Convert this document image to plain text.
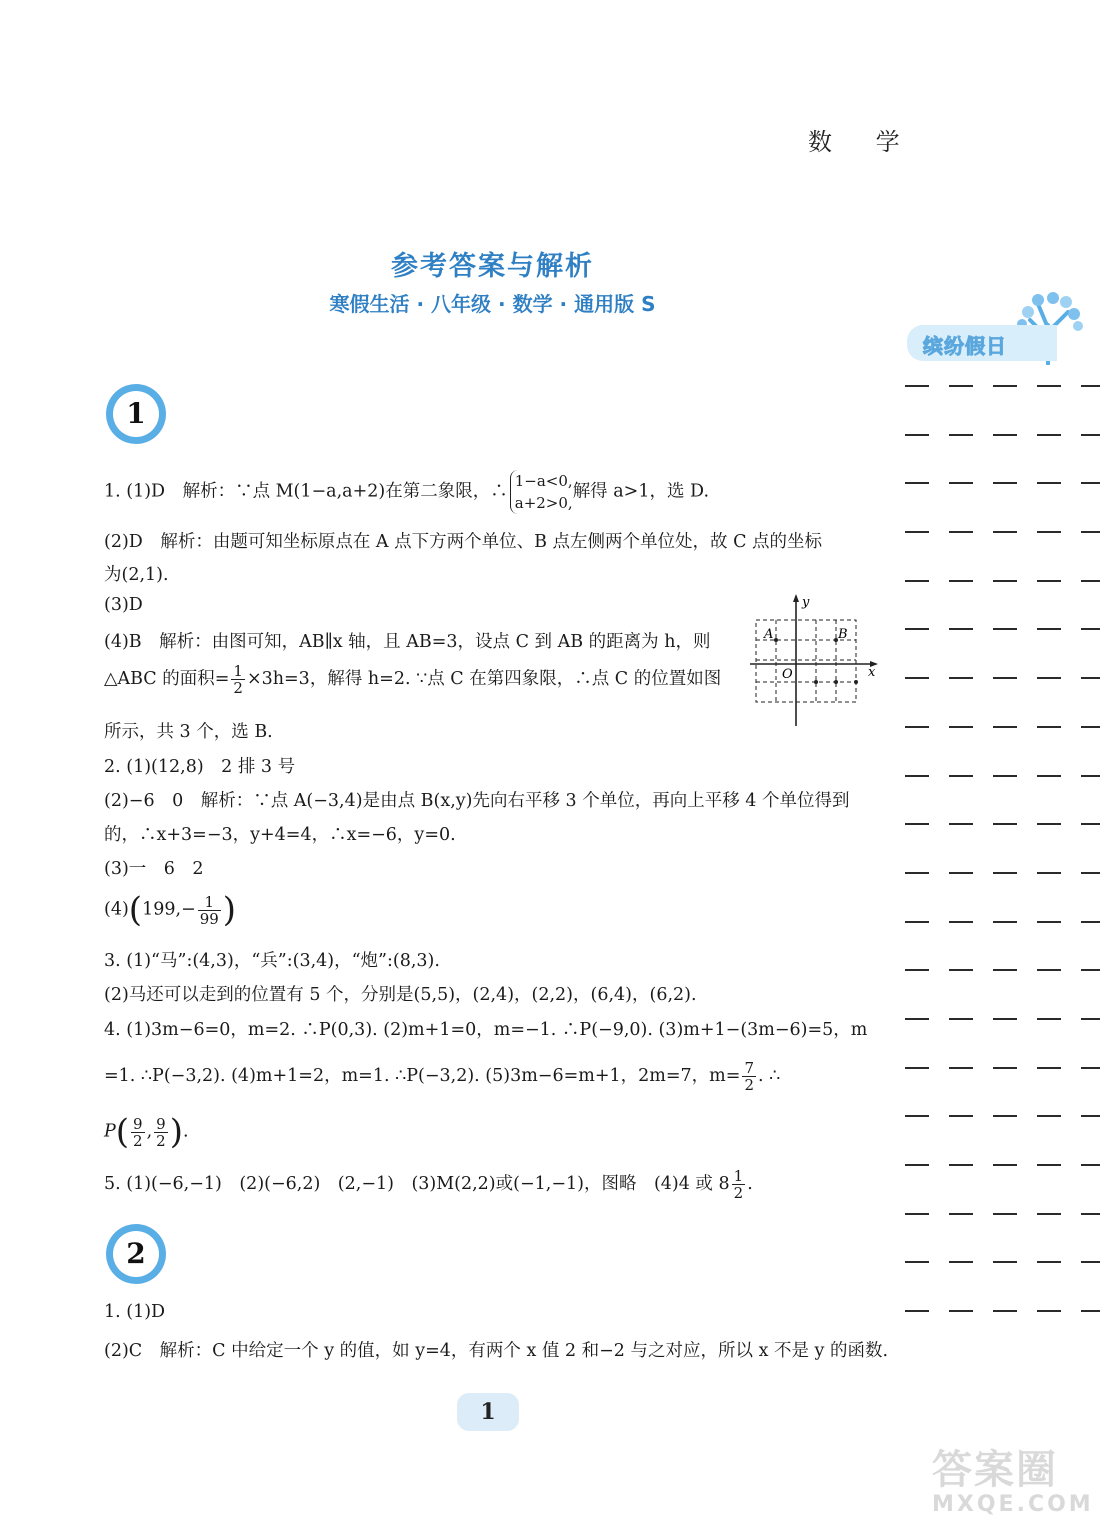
数 学
参考答案与解析
寒假生活 · 八年级 · 数学 · 通用版 S
缤纷假日
1
2
1. (1)D　解析：∵点 M(1−a,a+2)在第二象限，∴
1−a<0,
a+2>0,
解得 a>1，选 D.
(2)D　解析：由题可知坐标原点在 A 点下方两个单位、B 点左侧两个单位处，故 C 点的坐标
为(2,1).
(3)D
(4)B　解析：由图可知，AB∥x 轴，且 AB=3，设点 C 到 AB 的距离为 h，则
△ABC 的面积= $\frac{1}{2} \times 3h=3$，解得 h=2. ∵点 C 在第四象限，∴点 C 的位置如图
所示，共 3 个，选 B.
y
x
O
A	B
2. (1)(12,8)　2 排 3 号
(2)−6　0　解析：∵点 A(−3,4)是由点 B(x,y)先向右平移 3 个单位，再向上平移 4 个单位得到
的，∴x+3=−3，y+4=4，∴x=−6，y=0.
(3)一　6　2
$(4)(199,- \frac{1}{99}$ )
3. (1)“马”:(4,3)，“兵”:(3,4)，“炮”:(8,3).
(2)马还可以走到的位置有 5 个，分别是(5,5)，(2,4)，(2,2)，(6,4)，(6,2).
4. (1)3m−6=0，m=2. ∴P(0,3). (2)m+1=0，m=−1. ∴P(−9,0). (3)m+1−(3m−6)=5，m
=1. ∴P(−3,2). (4)m+1=2，m=1. ∴P(−3,2). (5)3m−6=m+1，2m=7，$m= \frac{7}{2}$ . ∴
$P( \frac{9}{2}$ , $\frac{9}{2}$ ).
5. (1)(−6,−1)　(2)(−6,2)　(2,−1)　(3)M(2,2)或(−1,−1)，图略　(4)4 或 $8 \frac{1}{2}$ .
1. (1)D
(2)C　解析：C 中给定一个 y 的值，如 y=4，有两个 x 值 2 和−2 与之对应，所以 x 不是 y 的函数.
1
答案圈
MXQE.COM
